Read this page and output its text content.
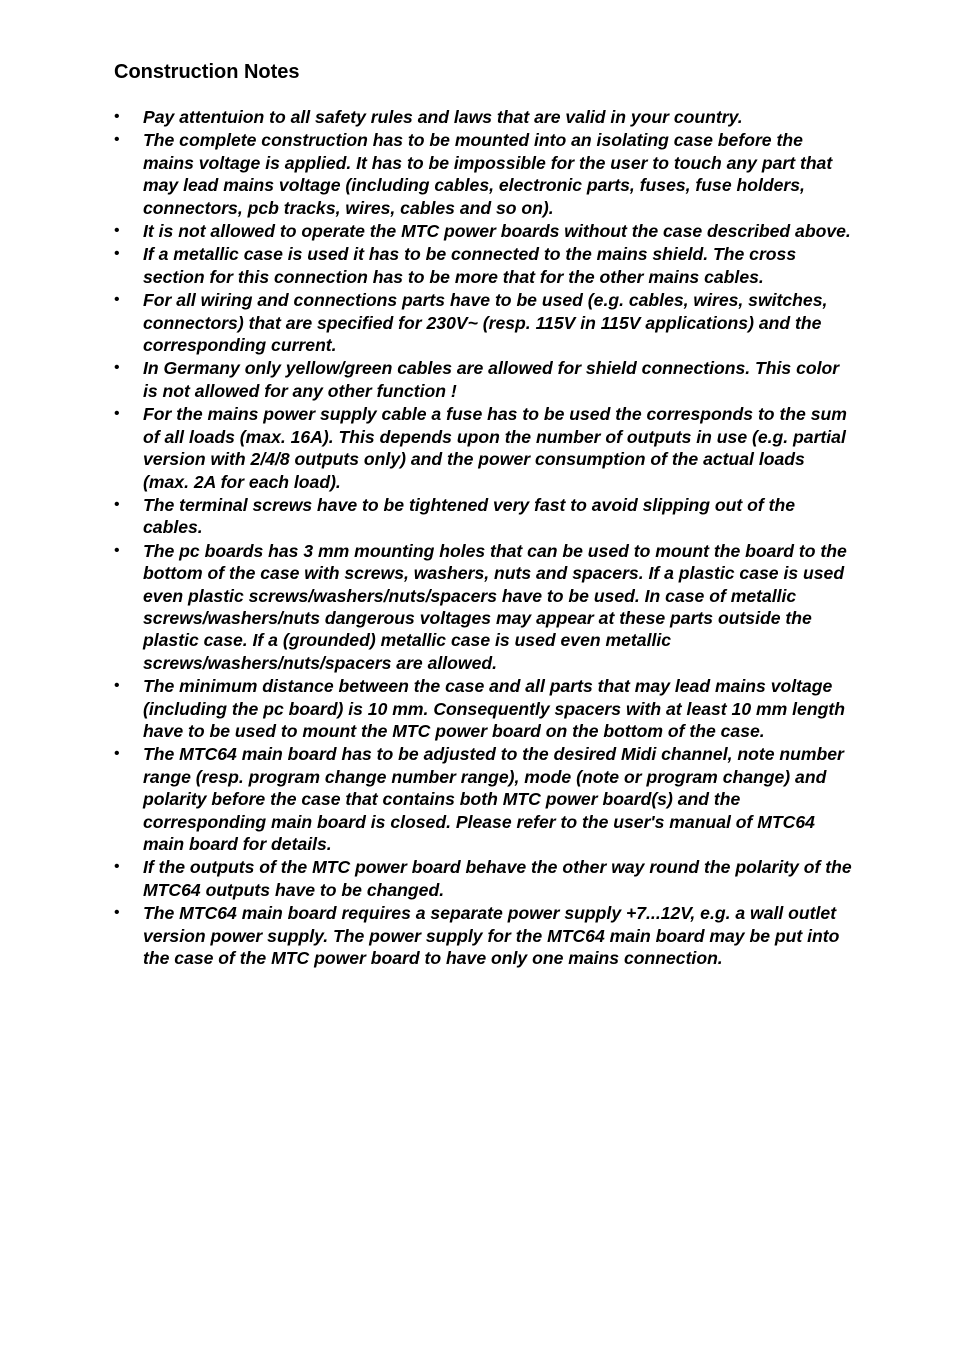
Construction Notes
• Pay attentuion to all safety rules and laws that are valid in your country.
• The complete construction has to be mounted into an isolating case before the mains voltage is applied. It has to be impossible for the user to touch any part that may lead mains voltage (including cables, electronic parts, fuses, fuse holders, connectors, pcb tracks, wires, cables and so on).
• It is not allowed to operate the MTC power boards without the case described above.
• If a metallic case is used it has to be connected to the mains shield. The cross section for this connection has to be more that for the other mains cables.
• For all wiring and connections parts have to be used (e.g. cables, wires, switches, connectors) that are specified for 230V~ (resp. 115V in 115V applications) and the corresponding current.
• In Germany only yellow/green cables are allowed for shield connections. This color is not allowed for any other function !
• For the mains power supply cable a fuse has to be used the corresponds to the sum of all loads (max. 16A). This depends upon the number of outputs in use (e.g. partial version with 2/4/8 outputs only) and the power consumption of the actual loads (max. 2A for each load).
• The terminal screws have to be tightened very fast to avoid slipping out of the cables.
• The pc boards has 3 mm mounting holes that can be used to mount the board to the bottom of the case with screws, washers, nuts and spacers. If a plastic case is used even plastic screws/washers/nuts/spacers have to be used. In case of metallic screws/washers/nuts dangerous voltages may appear at these parts outside the plastic case. If a (grounded) metallic case is used even metallic screws/washers/nuts/spacers are allowed.
• The minimum distance between the case and all parts that may lead mains voltage (including the pc board) is 10 mm. Consequently spacers with at least 10 mm length have to be used to mount the MTC power board on the bottom of the case.
• The MTC64 main board has to be adjusted to the desired Midi channel, note number range (resp. program change number range), mode (note or program change) and polarity before the case that contains both MTC power board(s) and the corresponding main board is closed. Please refer to the user's manual of MTC64 main board for details.
• If the outputs of the MTC power board behave the other way round the polarity of the MTC64 outputs have to be changed.
• The MTC64 main board requires a separate power supply +7...12V, e.g. a wall outlet version power supply. The power supply for the MTC64 main board may be put into the case of the MTC power board to have only one mains connection.
